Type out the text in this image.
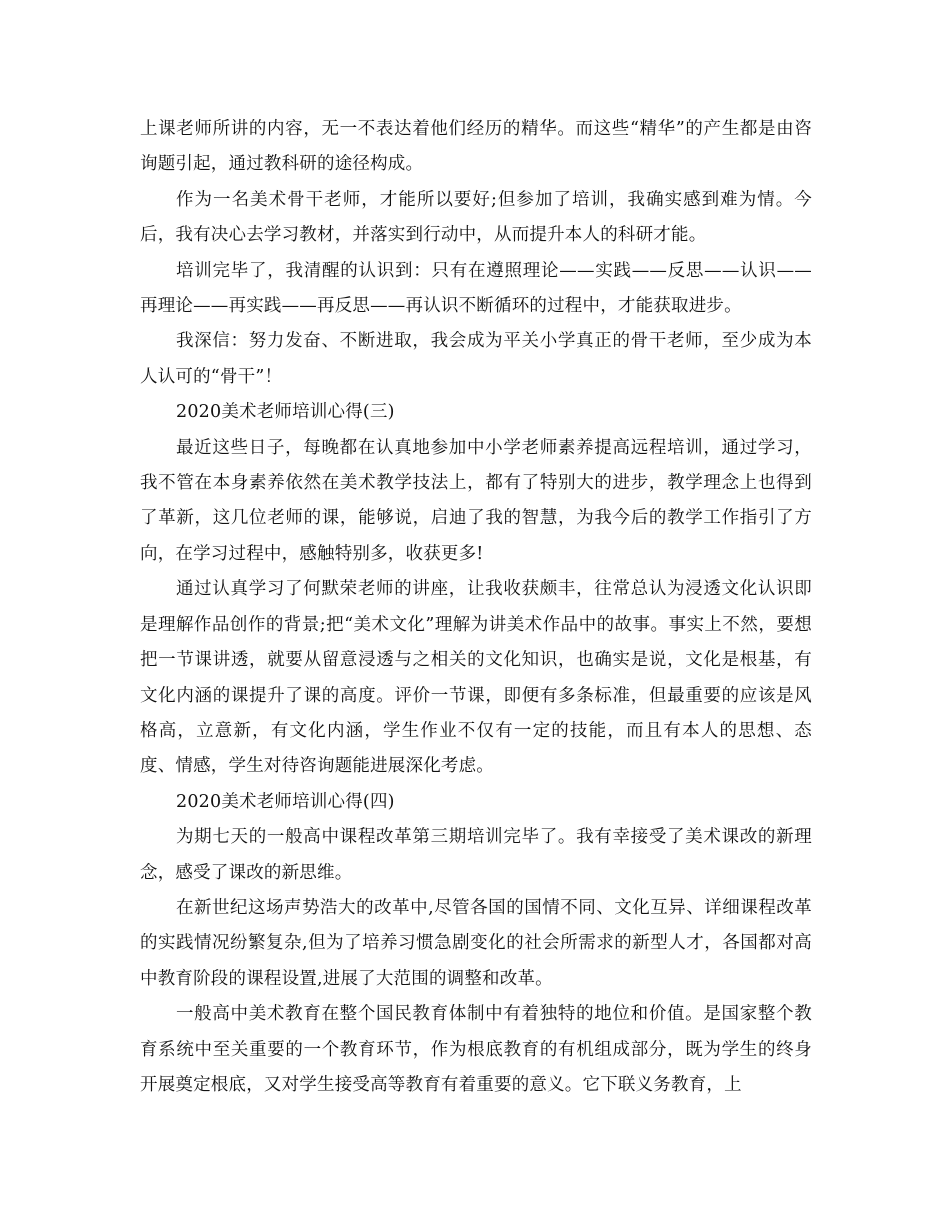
上课老师所讲的内容，无一不表达着他们经历的精华。而这些“精华”的产生都是由咨询题引起，通过教科研的途径构成。

作为一名美术骨干老师，才能所以要好;但参加了培训，我确实感到难为情。今后，我有决心去学习教材，并落实到行动中，从而提升本人的科研才能。

培训完毕了，我清醒的认识到：只有在遵照理论——实践——反思——认识——再理论——再实践——再反思——再认识不断循环的过程中，才能获取进步。

我深信：努力发奋、不断进取，我会成为平关小学真正的骨干老师，至少成为本人认可的“骨干”！

2020美术老师培训心得(三)

最近这些日子，每晚都在认真地参加中小学老师素养提高远程培训，通过学习，我不管在本身素养依然在美术教学技法上，都有了特别大的进步，教学理念上也得到了革新，这几位老师的课，能够说，启迪了我的智慧，为我今后的教学工作指引了方向，在学习过程中，感触特别多，收获更多!

通过认真学习了何默荣老师的讲座，让我收获颇丰，往常总认为浸透文化认识即是理解作品创作的背景;把“美术文化”理解为讲美术作品中的故事。事实上不然，要想把一节课讲透，就要从留意浸透与之相关的文化知识，也确实是说，文化是根基，有文化内涵的课提升了课的高度。评价一节课，即便有多条标准，但最重要的应该是风格高，立意新，有文化内涵，学生作业不仅有一定的技能，而且有本人的思想、态度、情感，学生对待咨询题能进展深化考虑。

2020美术老师培训心得(四)

为期七天的一般高中课程改革第三期培训完毕了。我有幸接受了美术课改的新理念，感受了课改的新思维。

在新世纪这场声势浩大的改革中,尽管各国的国情不同、文化互异、详细课程改革的实践情况纷繁复杂,但为了培养习惯急剧变化的社会所需求的新型人才，各国都对高中教育阶段的课程设置,进展了大范围的调整和改革。

一般高中美术教育在整个国民教育体制中有着独特的地位和价值。是国家整个教育系统中至关重要的一个教育环节，作为根底教育的有机组成部分，既为学生的终身开展奠定根底，又对学生接受高等教育有着重要的意义。它下联义务教育，上
